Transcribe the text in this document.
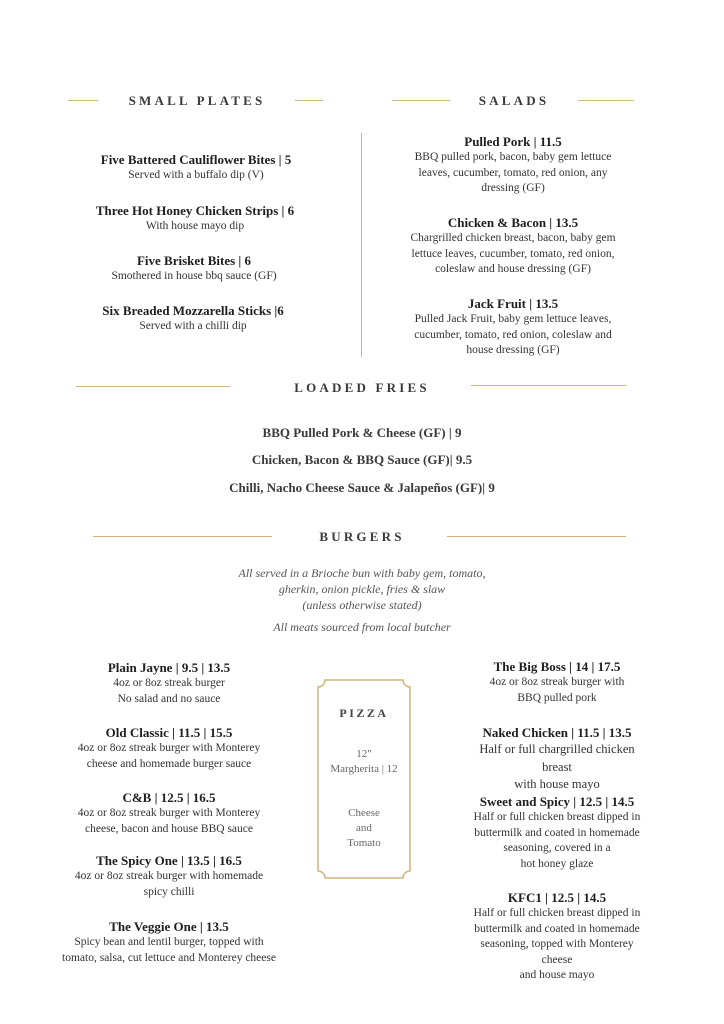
SMALL PLATES	SALADS
Five Battered Cauliflower Bites | 5
Served with a buffalo dip (V)
Three Hot Honey Chicken Strips | 6
With house mayo dip
Five Brisket Bites | 6
Smothered in house bbq sauce (GF)
Six Breaded Mozzarella Sticks |6
Served with a chilli dip
Pulled Pork | 11.5
BBQ pulled pork, bacon, baby gem lettuce
leaves, cucumber, tomato, red onion, any
dressing (GF)
Chicken & Bacon | 13.5
Chargrilled chicken breast, bacon, baby gem
lettuce leaves, cucumber, tomato, red onion,
coleslaw and house dressing (GF)
Jack Fruit | 13.5
Pulled Jack Fruit, baby gem lettuce leaves,
cucumber, tomato, red onion, coleslaw and
house dressing (GF)
LOADED FRIES
BBQ Pulled Pork & Cheese (GF) | 9
Chicken, Bacon & BBQ Sauce (GF)| 9.5
Chilli, Nacho Cheese Sauce & Jalapeños (GF)| 9
BURGERS
All served in a Brioche bun with baby gem, tomato,
gherkin, onion pickle, fries & slaw
(unless otherwise stated)
All meats sourced from local butcher
Plain Jayne | 9.5 | 13.5
4oz or 8oz streak burger
No salad and no sauce
Old Classic | 11.5 | 15.5
4oz or 8oz streak burger with Monterey
cheese and homemade burger sauce
C&B | 12.5 | 16.5
4oz or 8oz streak burger with Monterey
cheese, bacon and house BBQ sauce
The Spicy One | 13.5 | 16.5
4oz or 8oz streak burger with homemade
spicy chilli
The Veggie One | 13.5
Spicy bean and lentil burger, topped with
tomato, salsa, cut lettuce and Monterey cheese
The Big Boss | 14 | 17.5
4oz or 8oz streak burger with
BBQ pulled pork
Naked Chicken | 11.5 | 13.5
Half or full chargrilled chicken breast
with house mayo
Sweet and Spicy | 12.5 | 14.5
Half or full chicken breast dipped in
buttermilk and coated in homemade
seasoning, covered in a
hot honey glaze
KFC1 | 12.5 | 14.5
Half or full chicken breast dipped in
buttermilk and coated in homemade
seasoning, topped with Monterey cheese
and house mayo
PIZZA
12"
Margherita | 12
Cheese
and
Tomato
